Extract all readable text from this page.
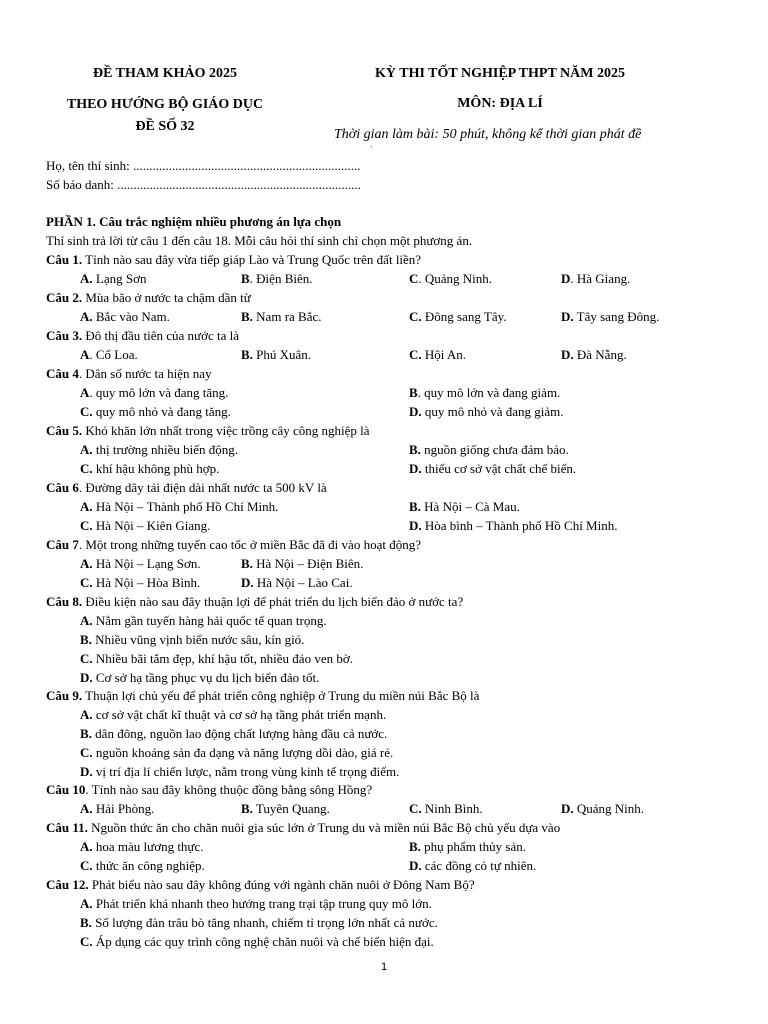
ĐỀ THAM KHẢO 2025
THEO HƯỚNG BỘ GIÁO DỤC
ĐỀ SỐ 32
KỲ THI TỐT NGHIỆP THPT NĂM 2025
MÔN: ĐỊA LÍ
Thời gian làm bài: 50 phút, không kể thời gian phát đề
`
Họ, tên thí sinh: ......................................................................
Số báo danh: ...........................................................................
PHẦN 1. Câu trắc nghiệm nhiều phương án lựa chọn
Thí sinh trả lời từ câu 1 đến câu 18. Mỗi câu hỏi thí sinh chỉ chọn một phương án.
Câu 1. Tỉnh nào sau đây vừa tiếp giáp Lào và Trung Quốc trên đất liền?
A. Lạng Sơn	B. Điện Biên.	C. Quảng Ninh.	D. Hà Giang.
Câu 2. Mùa bão ở nước ta chậm dần từ
A. Bắc vào Nam.	B. Nam ra Bắc.	C. Đông sang Tây.	D. Tây sang Đông.
Câu 3. Đô thị đầu tiên của nước ta là
A. Cổ Loa.	B. Phú Xuân.	C. Hội An.	D. Đà Nẵng.
Câu 4. Dân số nước ta hiện nay
A. quy mô lớn và đang tăng.	B. quy mô lớn và đang giảm.
C. quy mô nhỏ và đang tăng.	D. quy mô nhỏ và đang giảm.
Câu 5. Khó khăn lớn nhất trong việc trồng cây công nghiệp là
A. thị trường nhiều biến động.	B. nguồn giống chưa đảm bảo.
C. khí hậu không phù hợp.	D. thiếu cơ sở vật chất chế biến.
Câu 6. Đường dây tải điện dài nhất nước ta 500 kV là
A. Hà Nội – Thành phố Hồ Chí Minh.	B. Hà Nội – Cà Mau.
C. Hà Nội – Kiên Giang.	D. Hòa bình – Thành phố Hồ Chí Minh.
Câu 7. Một trong những tuyến cao tốc ở miền Bắc đã đi vào hoạt động?
A. Hà Nội – Lạng Sơn.	B. Hà Nội – Điện Biên.
C. Hà Nội – Hòa Bình.	D. Hà Nội – Lào Cai.
Câu 8. Điều kiện nào sau đây thuận lợi để phát triển du lịch biển đảo ở nước ta?
A. Nằm gần tuyến hàng hải quốc tế quan trọng.
B. Nhiều vũng vịnh biển nước sâu, kín gió.
C. Nhiều bãi tắm đẹp, khí hậu tốt, nhiều đảo ven bờ.
D. Cơ sở hạ tầng phục vụ du lịch biển đảo tốt.
Câu 9. Thuận lợi chủ yếu để phát triển công nghiệp ở Trung du miền núi Bắc Bộ là
A. cơ sở vật chất kĩ thuật và cơ sở hạ tầng phát triển mạnh.
B. dân đông, nguồn lao động chất lượng hàng đầu cả nước.
C. nguồn khoáng sản đa dạng và năng lượng dồi dào, giá rẻ.
D. vị trí địa lí chiến lược, nằm trong vùng kinh tế trọng điểm.
Câu 10. Tỉnh nào sau đây không thuộc đồng bằng sông Hồng?
A. Hải Phòng.	B. Tuyên Quang.	C. Ninh Bình.	D. Quảng Ninh.
Câu 11. Nguồn thức ăn cho chăn nuôi gia súc lớn ở Trung du và miền núi Bắc Bộ chủ yếu dựa vào
A. hoa màu lương thực.	B. phụ phẩm thủy sản.
C. thức ăn công nghiệp.	D. các đồng cỏ tự nhiên.
Câu 12. Phát biểu nào sau đây không đúng với ngành chăn nuôi ở Đông Nam Bộ?
A. Phát triển khá nhanh theo hướng trang trại tập trung quy mô lớn.
B. Số lượng đàn trâu bò tăng nhanh, chiếm tỉ trọng lớn nhất cả nước.
C. Áp dụng các quy trình công nghệ chăn nuôi và chế biến hiện đại.
1
